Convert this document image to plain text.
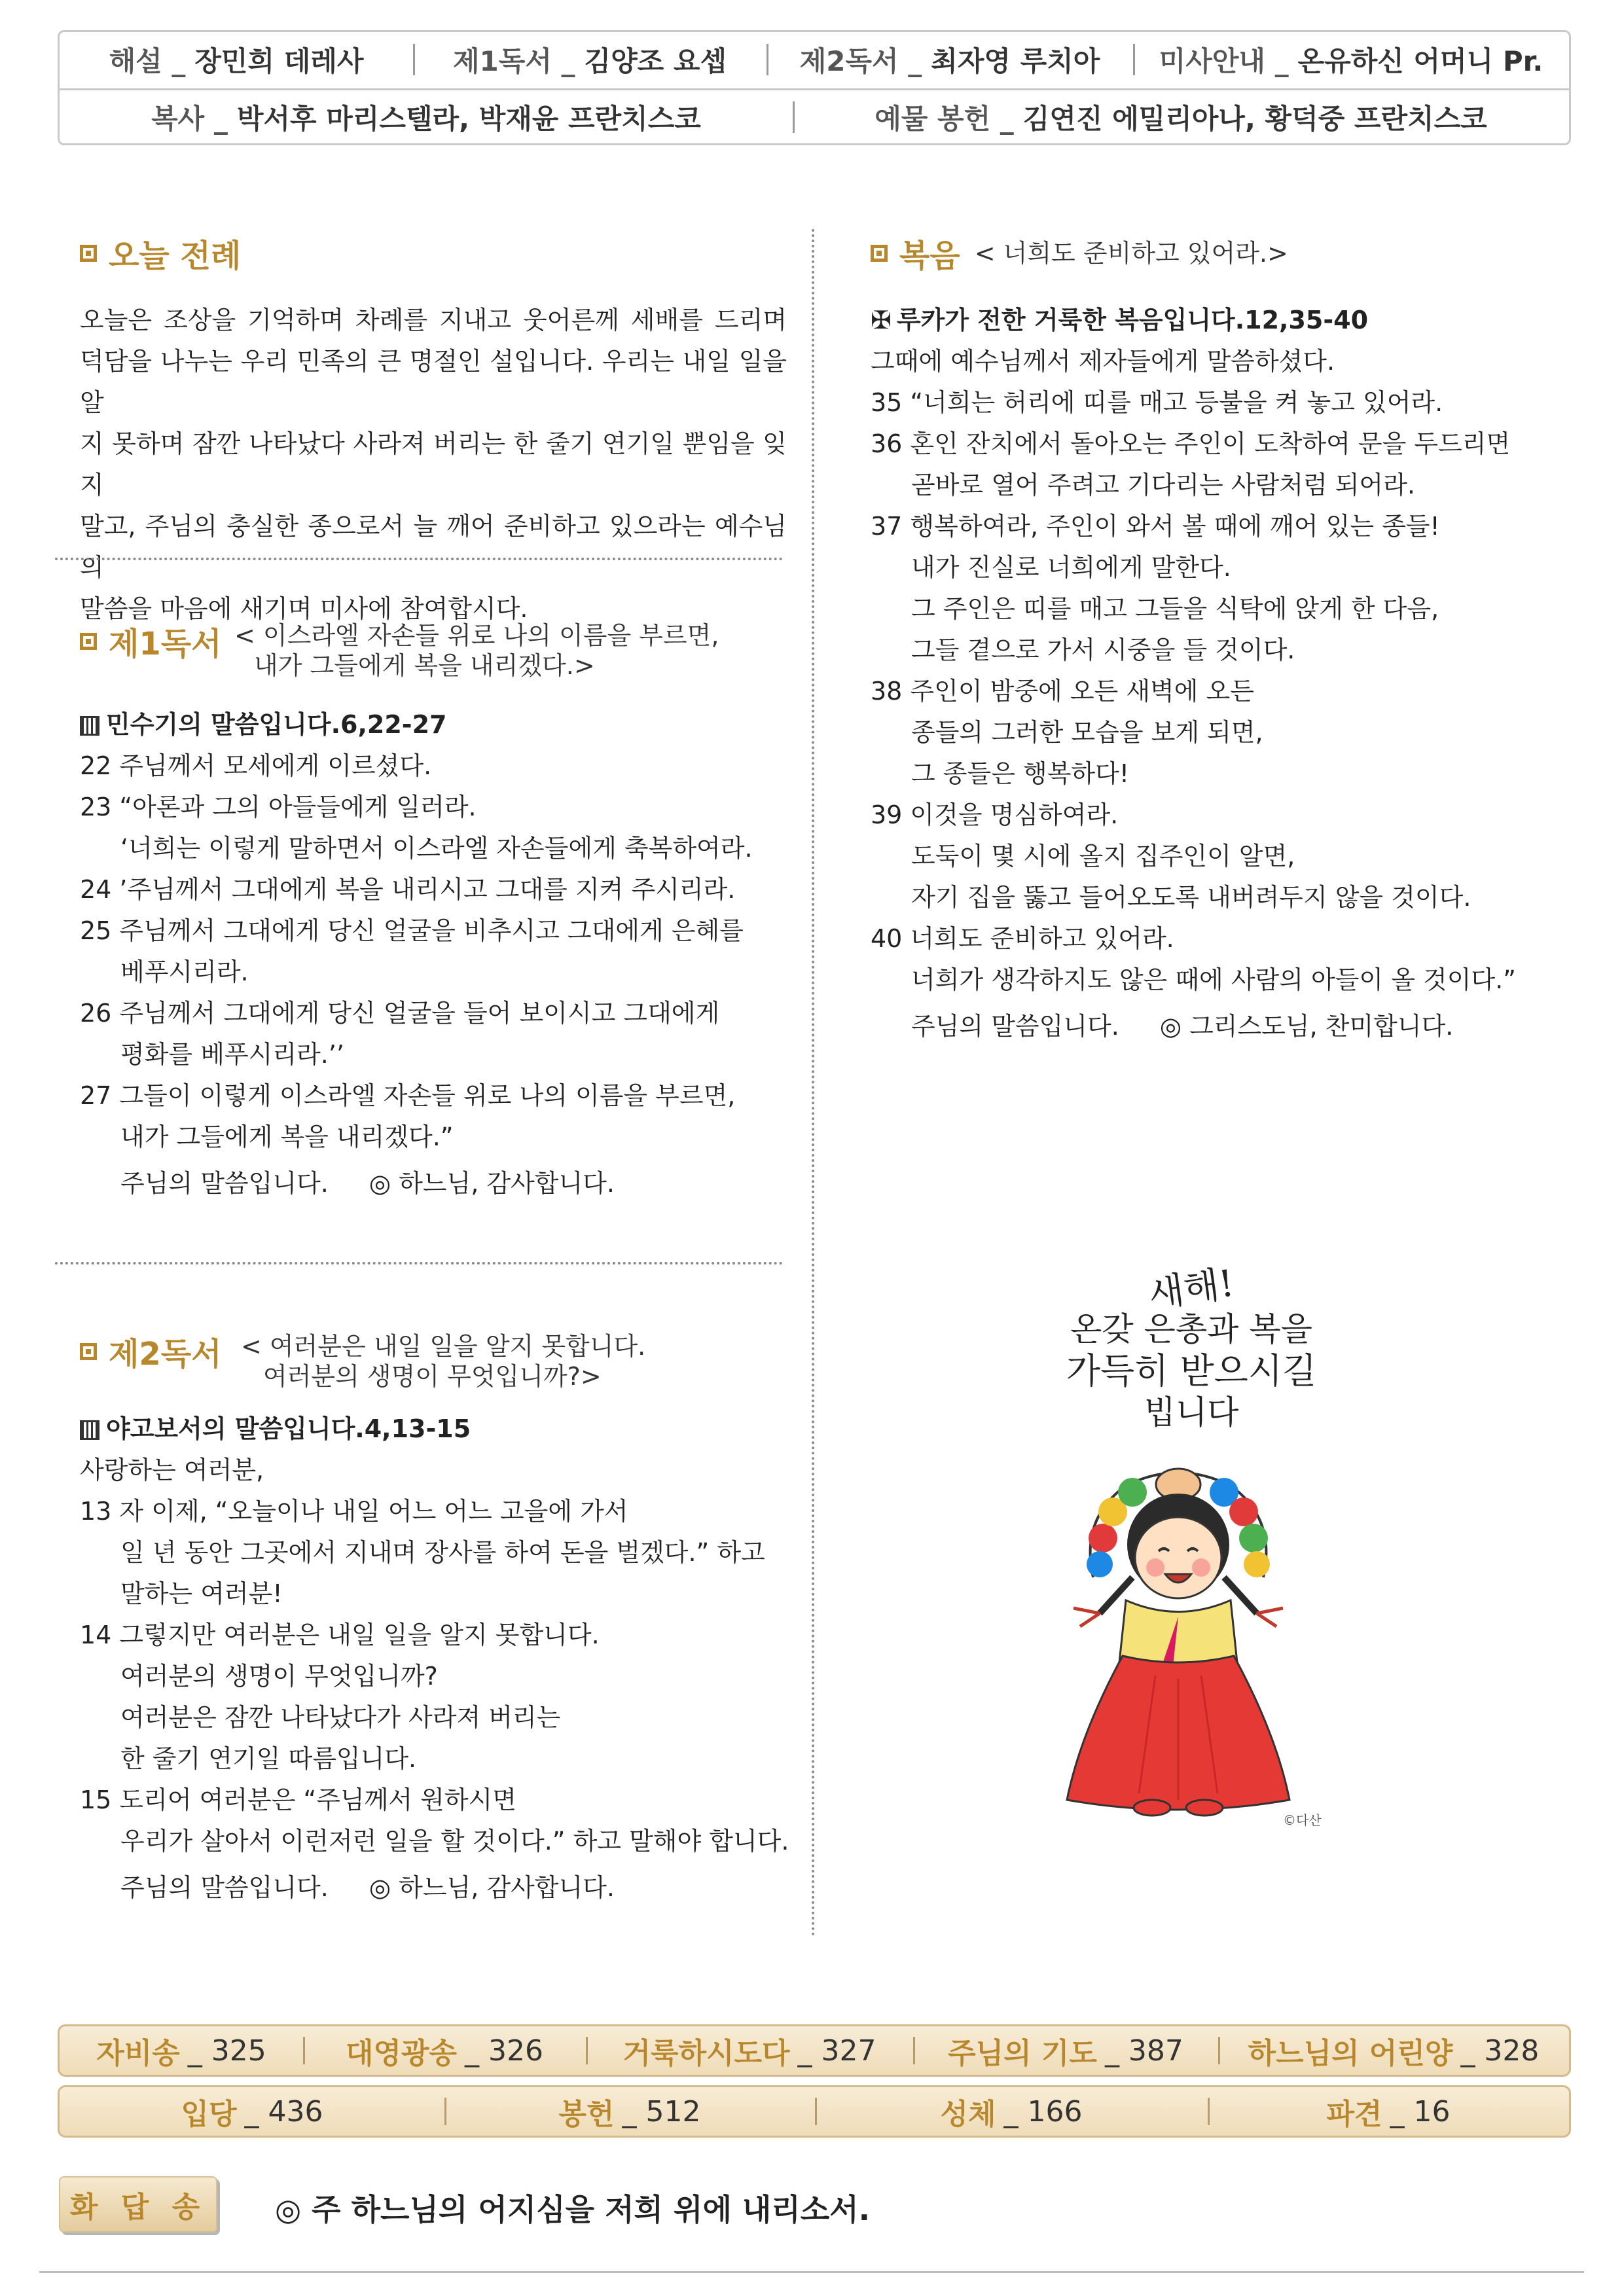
해설 _ 장민희 데레사	제1독서 _ 김양조 요셉	제2독서 _ 최자영 루치아 미사안내 _ 온유하신 어머니 Pr.
복사 _ 박서후 마리스텔라, 박재윤 프란치스코	예물 봉헌 _ 김연진 에밀리아나, 황덕중 프란치스코
오늘 전례
오늘은 조상을 기억하며 차례를 지내고 웃어른께 세배를 드리며
덕담을 나누는 우리 민족의 큰 명절인 설입니다. 우리는 내일 일을 알
지 못하며 잠깐 나타났다 사라져 버리는 한 줄기 연기일 뿐임을 잊지
말고, 주님의 충실한 종으로서 늘 깨어 준비하고 있으라는 예수님의
말씀을 마음에 새기며 미사에 참여합시다.
제1독서 < 이스라엘 자손들 위로 나의 이름을 부르면,
내가 그들에게 복을 내리겠다.>
민수기의 말씀입니다.6,22-27
22 주님께서 모세에게 이르셨다.
23 “아론과 그의 아들들에게 일러라.
‘너희는 이렇게 말하면서 이스라엘 자손들에게 축복하여라.
24 ’주님께서 그대에게 복을 내리시고 그대를 지켜 주시리라.
25 주님께서 그대에게 당신 얼굴을 비추시고 그대에게 은혜를
베푸시리라.
26 주님께서 그대에게 당신 얼굴을 들어 보이시고 그대에게
평화를 베푸시리라.’’
27 그들이 이렇게 이스라엘 자손들 위로 나의 이름을 부르면,
내가 그들에게 복을 내리겠다.”
주님의 말씀입니다. ◎ 하느님, 감사합니다.
제2독서 < 여러분은 내일 일을 알지 못합니다.
여러분의 생명이 무엇입니까?>
야고보서의 말씀입니다.4,13-15
사랑하는 여러분,
13 자 이제, “오늘이나 내일 어느 어느 고을에 가서
일 년 동안 그곳에서 지내며 장사를 하여 돈을 벌겠다.” 하고
말하는 여러분!
14 그렇지만 여러분은 내일 일을 알지 못합니다.
여러분의 생명이 무엇입니까?
여러분은 잠깐 나타났다가 사라져 버리는
한 줄기 연기일 따름입니다.
15 도리어 여러분은 “주님께서 원하시면
우리가 살아서 이런저런 일을 할 것이다.” 하고 말해야 합니다.
주님의 말씀입니다. ◎ 하느님, 감사합니다.
복음 < 너희도 준비하고 있어라.>
✠ 루카가 전한 거룩한 복음입니다.12,35-40
그때에 예수님께서 제자들에게 말씀하셨다.
35 “너희는 허리에 띠를 매고 등불을 켜 놓고 있어라.
36 혼인 잔치에서 돌아오는 주인이 도착하여 문을 두드리면
곧바로 열어 주려고 기다리는 사람처럼 되어라.
37 행복하여라, 주인이 와서 볼 때에 깨어 있는 종들!
내가 진실로 너희에게 말한다.
그 주인은 띠를 매고 그들을 식탁에 앉게 한 다음,
그들 곁으로 가서 시중을 들 것이다.
38 주인이 밤중에 오든 새벽에 오든
종들의 그러한 모습을 보게 되면,
그 종들은 행복하다!
39 이것을 명심하여라.
도둑이 몇 시에 올지 집주인이 알면,
자기 집을 뚫고 들어오도록 내버려두지 않을 것이다.
40 너희도 준비하고 있어라.
너희가 생각하지도 않은 때에 사람의 아들이 올 것이다.”
주님의 말씀입니다. ◎ 그리스도님, 찬미합니다.
새해!
온갖 은총과 복을
가득히 받으시길
빕니다
©다산
자비송 _ 325	대영광송 _ 326	거룩하시도다 _ 327 주님의 기도 _ 387 하느님의 어린양 _ 328
입당 _ 436	봉헌 _ 512	성체 _ 166	파견 _ 16
화 답 송	◎ 주 하느님의 어지심을 저희 위에 내리소서.
